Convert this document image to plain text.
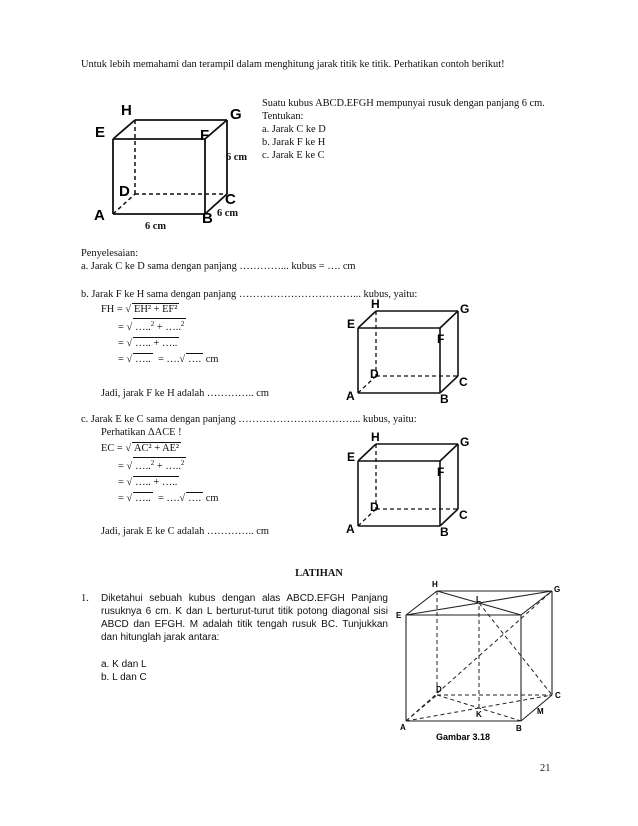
Untuk lebih memahami dan terampil dalam menghitung jarak titik ke titik. Perhatikan contoh berikut!
H	G
E	F
D	C
A	B
6 cm
6 cm
6 cm
Suatu kubus ABCD.EFGH mempunyai rusuk dengan panjang 6 cm. Tentukan:
a. Jarak C ke D
b. Jarak F ke H
c. Jarak E ke C
Penyelesaian:
a. Jarak C ke D sama dengan panjang …………... kubus = …. cm
b. Jarak F ke H sama dengan panjang ……………………………... kubus, yaitu:
FH = √ EH² + EF²
= √ …..$^2$ + …..$^2$
= √ ….. + …..
= √ ….. = ….√ …. cm
Jadi, jarak F ke H adalah ………….. cm
H	G
E
F
D
C
A	B
c. Jarak E ke C sama dengan panjang ……………………………... kubus, yaitu:
Perhatikan ΔACE !
EC = √ AC² + AE²
= √ …..$^2$ + …..$^2$
= √ ….. + …..
= √ ….. = ….√ …. cm
Jadi, jarak E ke C adalah ………….. cm
H	G
E
F
D
C
A	B
LATIHAN
1. Diketahui sebuah kubus dengan alas ABCD.EFGH Panjang rusuknya 6 cm. K dan L berturut-turut titik potong diagonal sisi ABCD dan EFGH. M adalah titik tengah rusuk BC. Tunjukkan dan hitunglah jarak antara:
a. K dan L
b. L dan C
H
G
E
L
D
C
K	M
A	B
Gambar 3.18
21
